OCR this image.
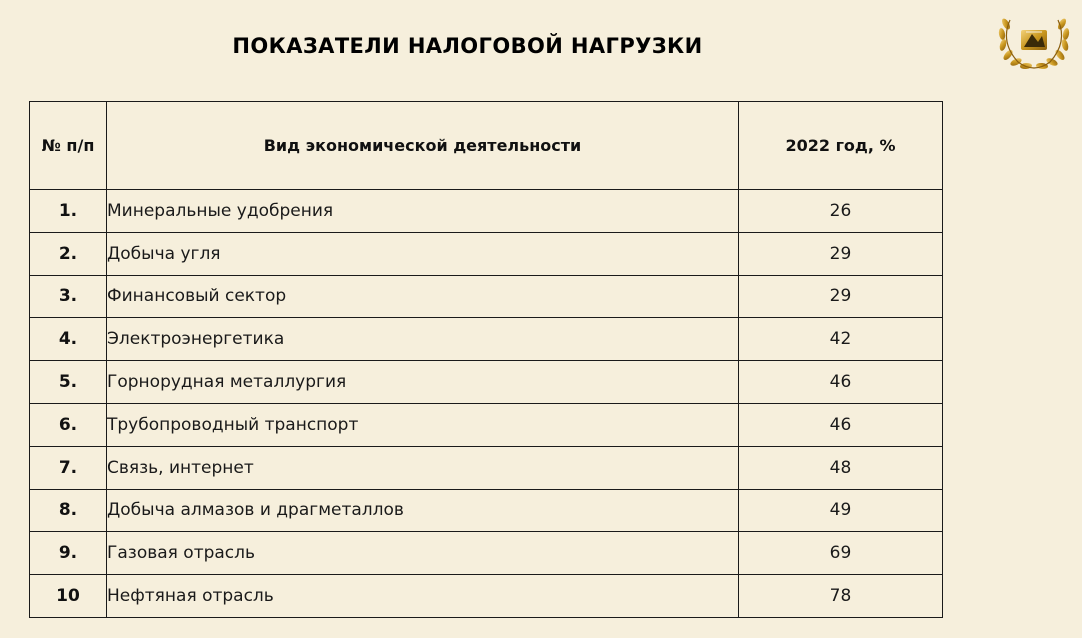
ПОКАЗАТЕЛИ НАЛОГОВОЙ НАГРУЗКИ
№ п/п	Вид экономической деятельности	2022 год, %
1.	Минеральные удобрения	26
2.	Добыча угля	29
3.	Финансовый сектор	29
4.	Электроэнергетика	42
5.	Горнорудная металлургия	46
6.	Трубопроводный транспорт	46
7.	Связь, интернет	48
8.	Добыча алмазов и драгметаллов	49
9.	Газовая отрасль	69
10	Нефтяная отрасль	78
